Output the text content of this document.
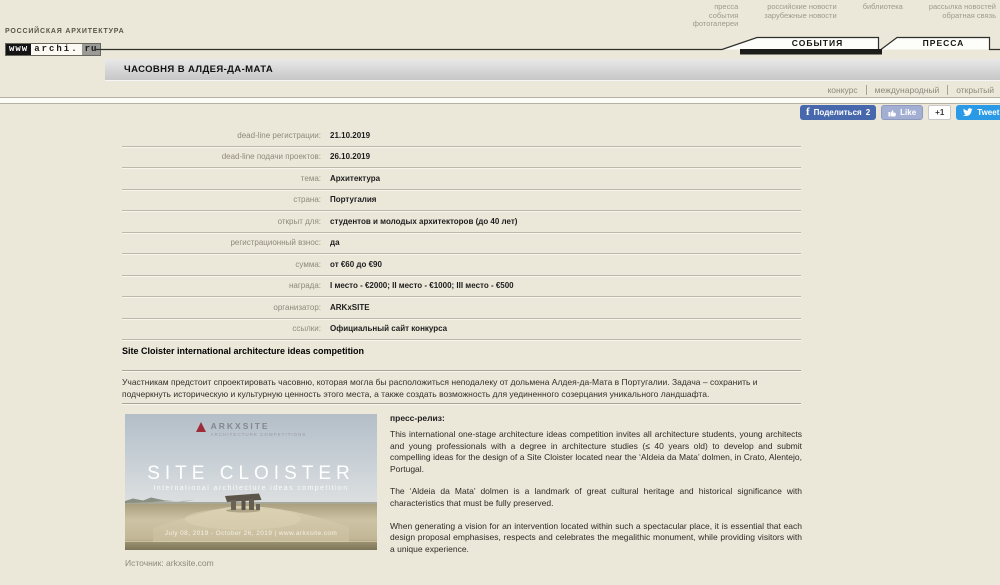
пресса
события
фотогалереи
российские новости
зарубежные новости
библиотека	рассылка новостей
обратная связь
РОССИЙСКАЯ АРХИТЕКТУРА
www archi. ru
СОБЫТИЯ	ПРЕССА
ЧАСОВНЯ В АЛДЕЯ-ДА-МАТА
конкурс	международный	открытый
f Поделиться 2	Like +1	Tweet
dead-line регистрации:	21.10.2019
dead-line подачи проектов:	26.10.2019
тема:	Архитектура
страна:	Португалия
открыт для:	студентов и молодых архитекторов (до 40 лет)
регистрационный взнос:	да
сумма:	от €60 до €90
награда:	I место - €2000; II место - €1000; III место - €500
организатор:	ARKxSITE
ссылки:	Официальный сайт конкурса
Site Cloister international architecture ideas competition
Участникам предстоит спроектировать часовню, которая могла бы расположиться неподалеку от дольмена Алдея-да-Мата в Португалии. Задача – сохранить и подчеркнуть историческую и культурную ценность этого места, а также создать возможность для уединенного созерцания уникального ландшафта.
ARKXSITE
ARCHITECTURE COMPETITIONS
SITE CLOISTER
International architecture ideas competition
July 08, 2019 - October 26, 2019 | www.arkxsite.com
Источник: arkxsite.com
пресс-релиз:

This international one-stage architecture ideas competition invites all architecture students, young architects and young professionals with a degree in architecture studies (≤ 40 years old) to develop and submit compelling ideas for the design of a Site Cloister located near the ‘Aldeia da Mata’ dolmen, in Crato, Alentejo, Portugal.

The ‘Aldeia da Mata’ dolmen is a landmark of great cultural heritage and historical significance with characteristics that must be fully preserved.

When generating a vision for an intervention located within such a spectacular place, it is essential that each design proposal emphasises, respects and celebrates the megalithic monument, while providing visitors with a unique experience.
